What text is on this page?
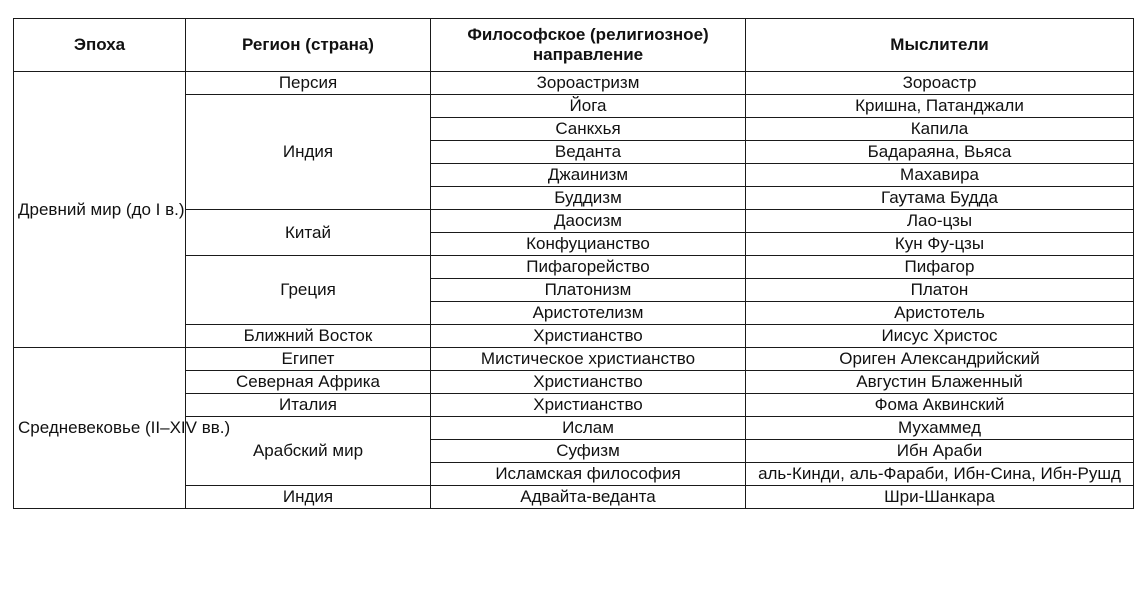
Эпоха	Регион (страна)	Философское (религиозное) направление	Мыслители
Древний мир (до I в.)	Персия	Зороастризм	Зороастр
	Индия	Йога	Кришна, Патанджали
		Санкхья	Капила
		Веданта	Бадараяна, Вьяса
		Джаинизм	Махавира
		Буддизм	Гаутама Будда
	Китай	Даосизм	Лао-цзы
		Конфуцианство	Кун Фу-цзы
	Греция	Пифагорейство	Пифагор
		Платонизм	Платон
		Аристотелизм	Аристотель
	Ближний Восток	Христианство	Иисус Христос
Средневековье (II–XIV вв.)	Египет	Мистическое христианство	Ориген Александрийский
	Северная Африка	Христианство	Августин Блаженный
	Италия	Христианство	Фома Аквинский
	Арабский мир	Ислам	Мухаммед
		Суфизм	Ибн Араби
		Исламская философия	аль-Кинди, аль-Фараби, Ибн-Сина, Ибн-Рушд
	Индия	Адвайта-веданта	Шри-Шанкара
